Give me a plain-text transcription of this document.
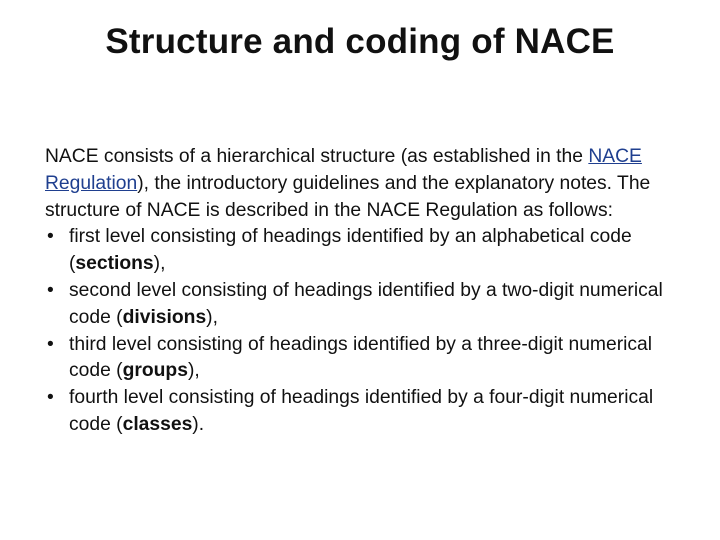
Structure and coding of NACE
NACE consists of a hierarchical structure (as established in the NACE Regulation), the introductory guidelines and the explanatory notes. The structure of NACE is described in the NACE Regulation as follows:
• first level consisting of headings identified by an alphabetical code (sections),
• second level consisting of headings identified by a two-digit numerical code (divisions),
• third level consisting of headings identified by a three-digit numerical code (groups),
• fourth level consisting of headings identified by a four-digit numerical code (classes).
